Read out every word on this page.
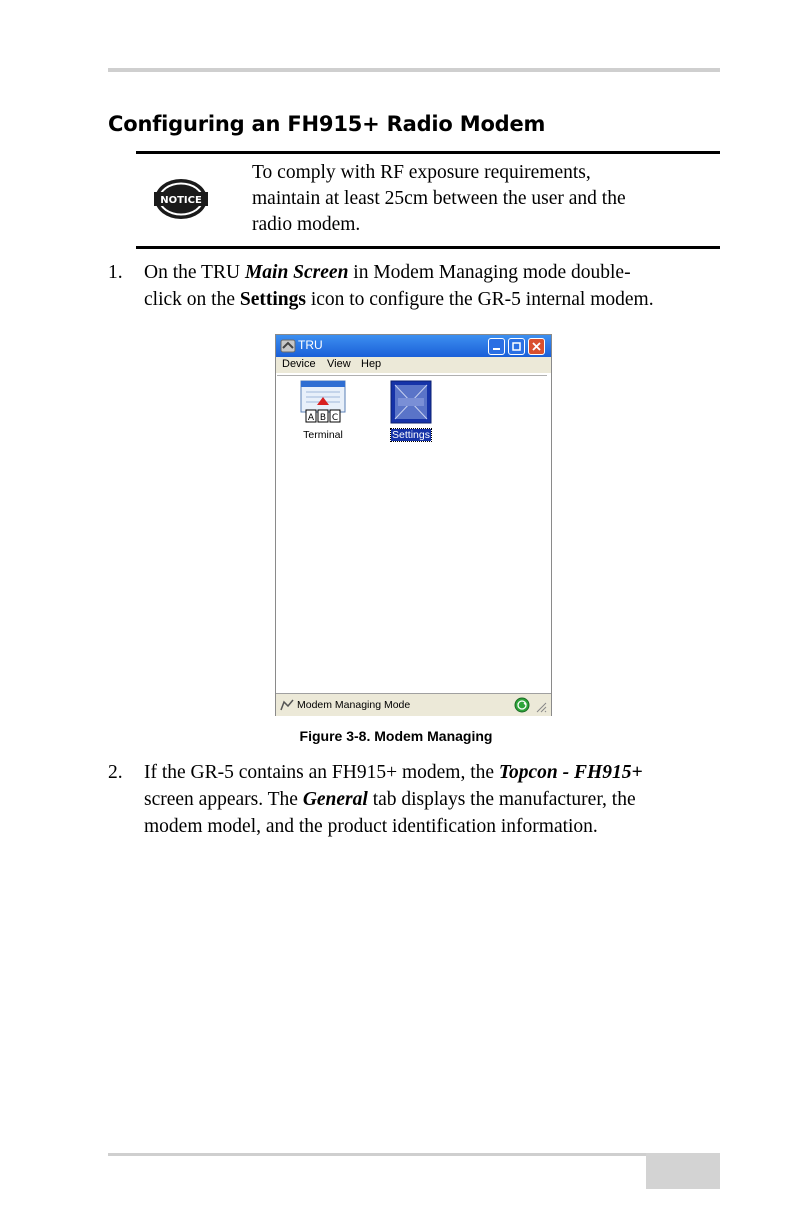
Configuring an FH915+ Radio Modem
NOTICE
To comply with RF exposure requirements,
maintain at least 25cm between the user and the
radio modem.
1. On the TRU Main Screen in Modem Managing mode double-
click on the Settings icon to configure the GR-5 internal modem.
TRU
Device View Hep
A B C
Terminal	Settings
Modem Managing Mode
Figure 3-8. Modem Managing
2. If the GR-5 contains an FH915+ modem, the Topcon - FH915+
screen appears. The General tab displays the manufacturer, the
modem model, and the product identification information.
